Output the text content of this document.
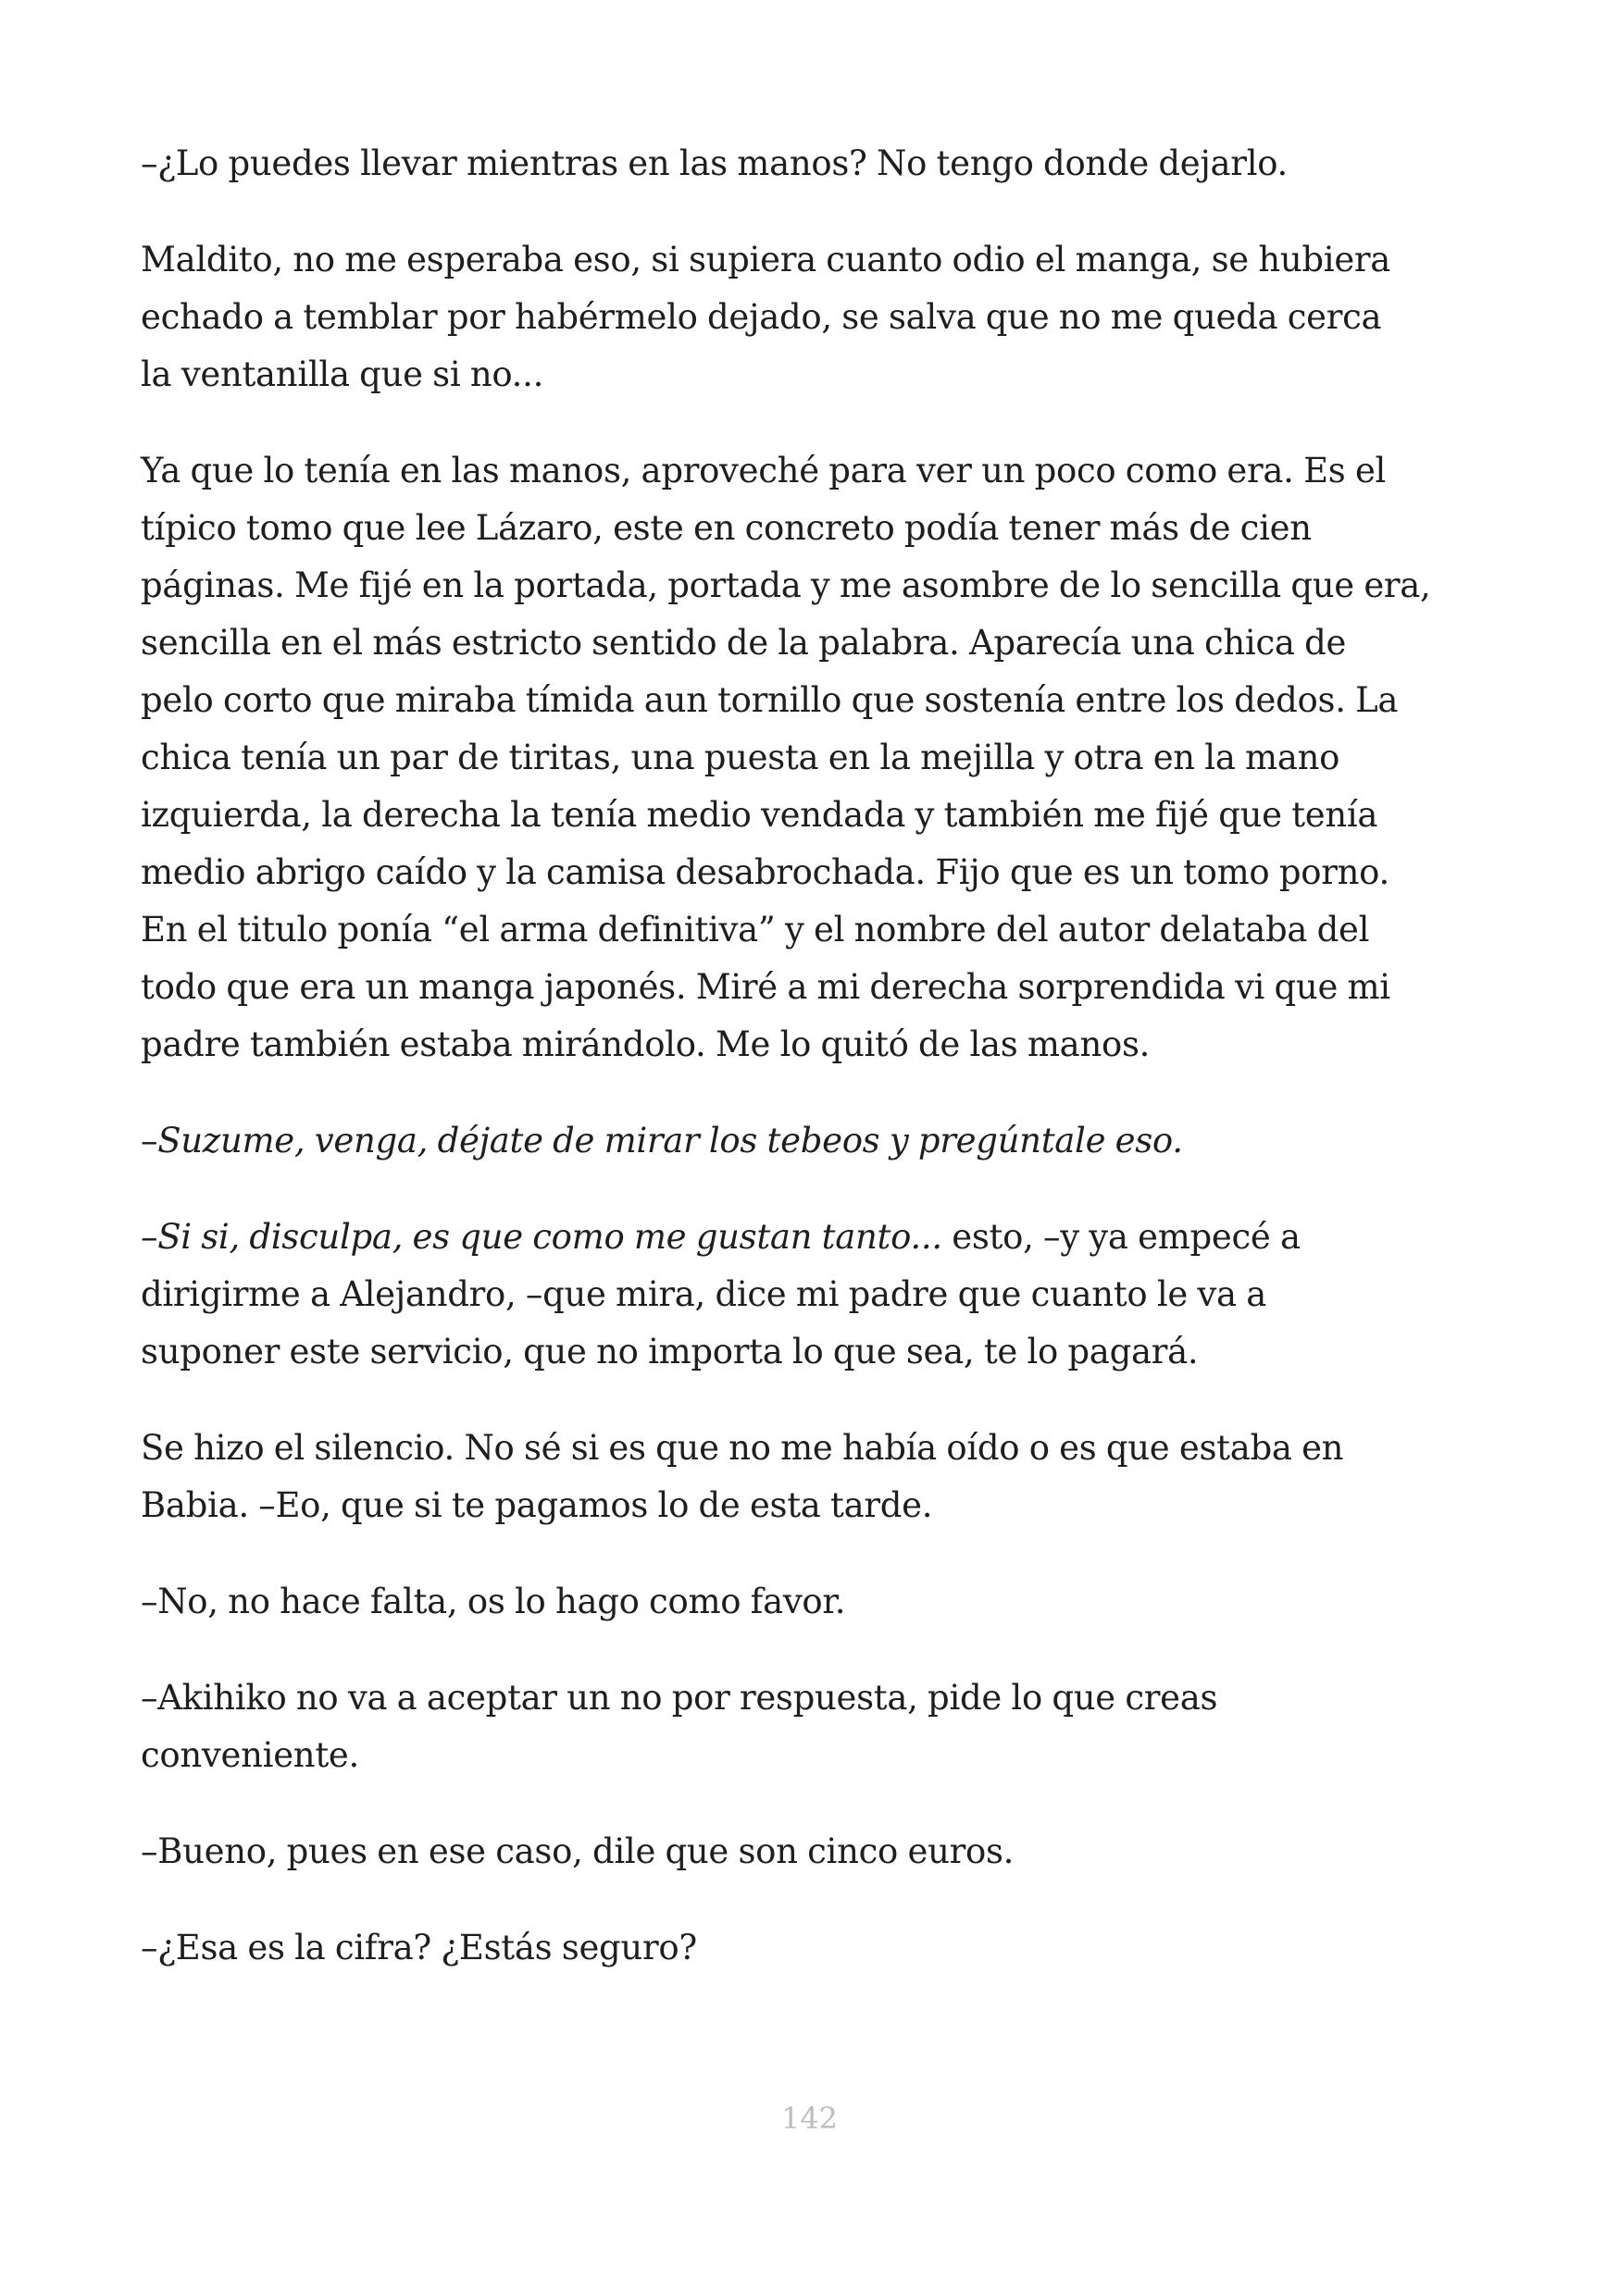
–¿Lo puedes llevar mientras en las manos? No tengo donde dejarlo.

Maldito, no me esperaba eso, si supiera cuanto odio el manga, se hubiera
echado a temblar por habérmelo dejado, se salva que no me queda cerca
la ventanilla que si no...

Ya que lo tenía en las manos, aproveché para ver un poco como era. Es el
típico tomo que lee Lázaro, este en concreto podía tener más de cien
páginas. Me fijé en la portada, portada y me asombre de lo sencilla que era,
sencilla en el más estricto sentido de la palabra. Aparecía una chica de
pelo corto que miraba tímida aun tornillo que sostenía entre los dedos. La
chica tenía un par de tiritas, una puesta en la mejilla y otra en la mano
izquierda, la derecha la tenía medio vendada y también me fijé que tenía
medio abrigo caído y la camisa desabrochada. Fijo que es un tomo porno.
En el titulo ponía “el arma definitiva” y el nombre del autor delataba del
todo que era un manga japonés. Miré a mi derecha sorprendida vi que mi
padre también estaba mirándolo. Me lo quitó de las manos.

–Suzume, venga, déjate de mirar los tebeos y pregúntale eso.

–Si si, disculpa, es que como me gustan tanto... esto, –y ya empecé a
dirigirme a Alejandro, –que mira, dice mi padre que cuanto le va a
suponer este servicio, que no importa lo que sea, te lo pagará.

Se hizo el silencio. No sé si es que no me había oído o es que estaba en
Babia. –Eo, que si te pagamos lo de esta tarde.

–No, no hace falta, os lo hago como favor.

–Akihiko no va a aceptar un no por respuesta, pide lo que creas
conveniente.

–Bueno, pues en ese caso, dile que son cinco euros.

–¿Esa es la cifra? ¿Estás seguro?

142
